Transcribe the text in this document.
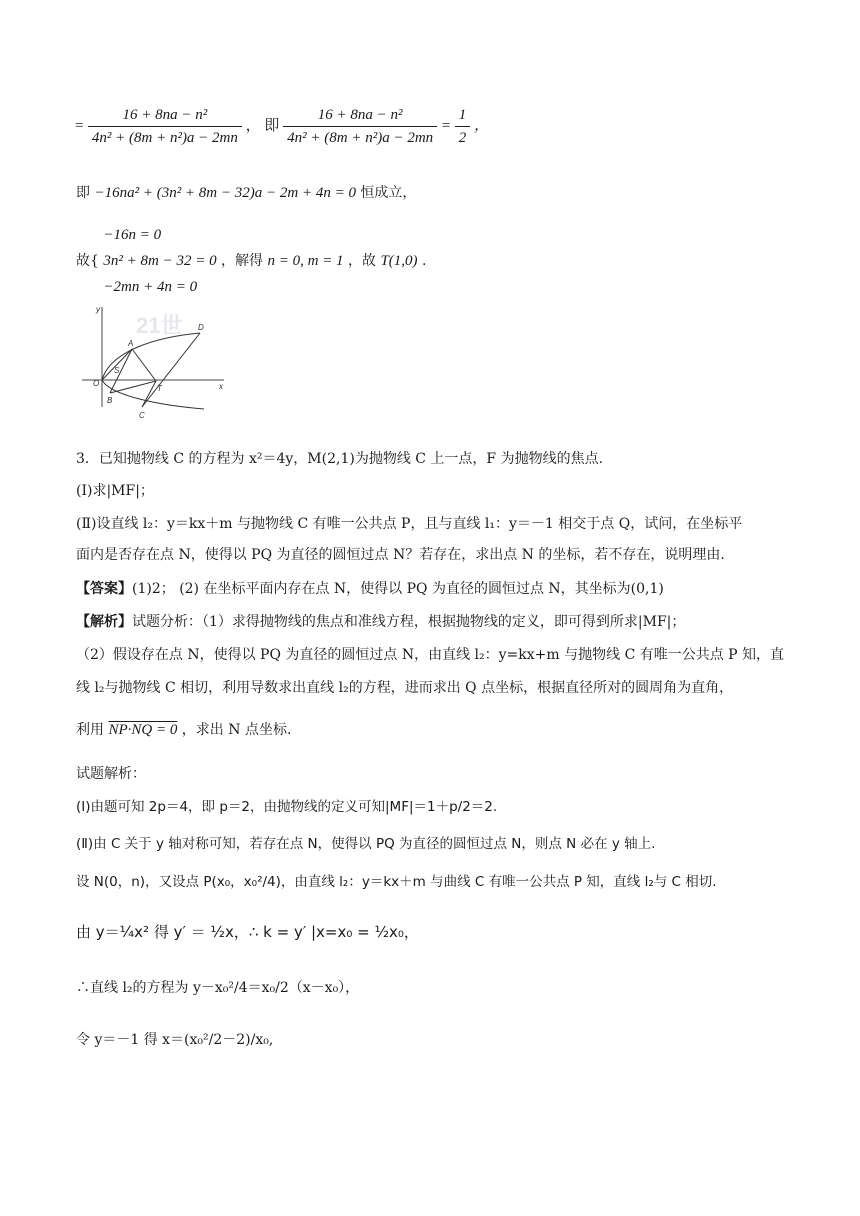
= $\frac{\text{16 + 8na − n²}}{\text{4n² + (8m + n²)a − 2mn}}$ ， 即 $\frac{\text{16 + 8na − n²}}{\text{4n² + (8m + n²)a − 2mn}} = \frac{1}{2}$ ，
即 −16na² + (3n² + 8m − 32)a − 2m + 4n = 0 恒成立，
故{
−16n = 0
3n² + 8m − 32 = 0
−2mn + 4n = 0
，解得 n = 0, m = 1 ，故 T(1,0) .
21世
y
x
O
A
B
C
D
S
T
3．已知抛物线 C 的方程为 x²＝4y，M(2,1)为抛物线 C 上一点，F 为抛物线的焦点.
(Ⅰ)求|MF|；
(Ⅱ)设直线 l₂：y＝kx＋m 与抛物线 C 有唯一公共点 P，且与直线 l₁：y＝－1 相交于点 Q，试问，在坐标平
面内是否存在点 N，使得以 PQ 为直径的圆恒过点 N？若存在，求出点 N 的坐标，若不存在，说明理由.
【答案】(1)2； (2) 在坐标平面内存在点 N，使得以 PQ 为直径的圆恒过点 N，其坐标为(0,1)
【解析】试题分析：（1）求得抛物线的焦点和准线方程，根据抛物线的定义，即可得到所求|MF|；
（2）假设存在点 N，使得以 PQ 为直径的圆恒过点 N，由直线 l₂：y=kx+m 与抛物线 C 有唯一公共点 P 知，直
线 l₂与抛物线 C 相切，利用导数求出直线 l₂的方程，进而求出 Q 点坐标，根据直径所对的圆周角为直角，
利用 NP·NQ = 0 ，求出 N 点坐标.
试题解析：
(Ⅰ)由题可知 2p＝4，即 p＝2，由抛物线的定义可知|MF|＝1＋p/2＝2.
(Ⅱ)由 C 关于 y 轴对称可知，若存在点 N，使得以 PQ 为直径的圆恒过点 N，则点 N 必在 y 轴上.
设 N(0，n)，又设点 P(x₀，x₀²/4)，由直线 l₂：y＝kx＋m 与曲线 C 有唯一公共点 P 知，直线 l₂与 C 相切.
由 y＝¼x² 得 y′ ＝ ½x，∴ k = y′ |x=x₀ = ½x₀，
∴直线 l₂的方程为 y－x₀²/4＝x₀/2（x－x₀），
令 y＝－1 得 x＝(x₀²/2－2)/x₀,
